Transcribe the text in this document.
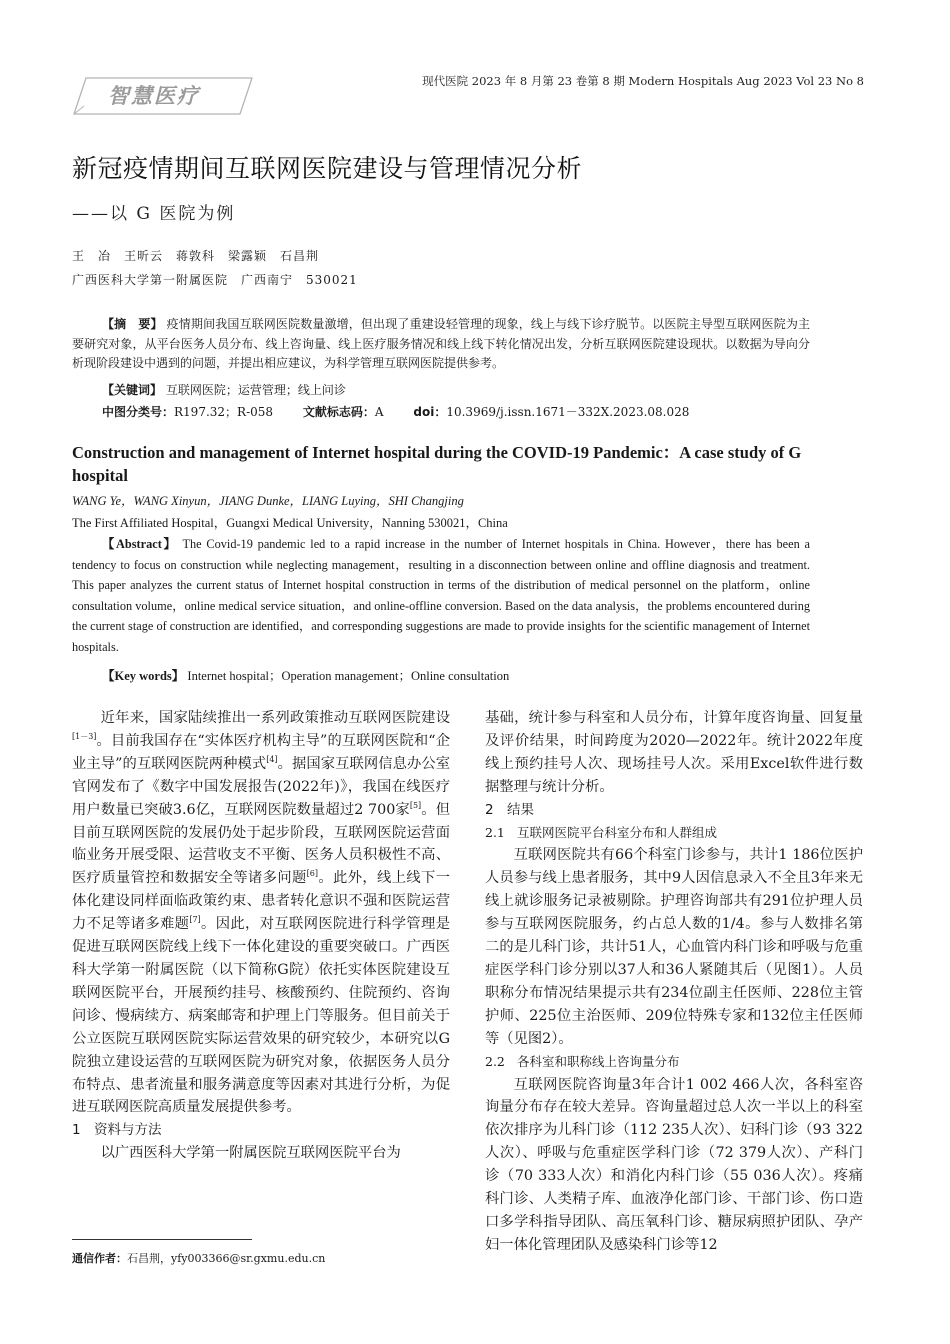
智慧医疗
现代医院 2023 年 8 月第 23 卷第 8 期 Modern Hospitals Aug 2023 Vol 23 No 8
新冠疫情期间互联网医院建设与管理情况分析
——以 G 医院为例
王　冶　王昕云　蒋敦科　梁露颖　石昌荆
广西医科大学第一附属医院　广西南宁　530021
【摘　要】 疫情期间我国互联网医院数量激增，但出现了重建设轻管理的现象，线上与线下诊疗脱节。以医院主导型互联网医院为主要研究对象，从平台医务人员分布、线上咨询量、线上医疗服务情况和线上线下转化情况出发，分析互联网医院建设现状。以数据为导向分析现阶段建设中遇到的问题，并提出相应建议，为科学管理互联网医院提供参考。
【关键词】 互联网医院；运营管理；线上问诊
中图分类号：R197.32；R-058 文献标志码：A doi：10.3969/j.issn.1671－332X.2023.08.028
Construction and management of Internet hospital during the COVID-19 Pandemic：A case study of G hospital
WANG Ye，WANG Xinyun，JIANG Dunke，LIANG Luying，SHI Changjing
The First Affiliated Hospital，Guangxi Medical University，Nanning 530021，China
【Abstract】 The Covid-19 pandemic led to a rapid increase in the number of Internet hospitals in China. However，there has been a tendency to focus on construction while neglecting management，resulting in a disconnection between online and offline diagnosis and treatment. This paper analyzes the current status of Internet hospital construction in terms of the distribution of medical personnel on the platform，online consultation volume，online medical service situation，and online-offline conversion. Based on the data analysis，the problems encountered during the current stage of construction are identified，and corresponding suggestions are made to provide insights for the scientific management of Internet hospitals.
【Key words】 Internet hospital；Operation management；Online consultation

近年来，国家陆续推出一系列政策推动互联网医院建设[1－3]。目前我国存在“实体医疗机构主导”的互联网医院和“企业主导”的互联网医院两种模式[4]。据国家互联网信息办公室官网发布了《数字中国发展报告(2022年)》，我国在线医疗用户数量已突破3.6亿，互联网医院数量超过2 700家[5]。但目前互联网医院的发展仍处于起步阶段，互联网医院运营面临业务开展受限、运营收支不平衡、医务人员积极性不高、医疗质量管控和数据安全等诸多问题[6]。此外，线上线下一体化建设同样面临政策约束、患者转化意识不强和医院运营力不足等诸多难题[7]。因此，对互联网医院进行科学管理是促进互联网医院线上线下一体化建设的重要突破口。广西医科大学第一附属医院（以下简称G院）依托实体医院建设互联网医院平台，开展预约挂号、核酸预约、住院预约、咨询问诊、慢病续方、病案邮寄和护理上门等服务。但目前关于公立医院互联网医院实际运营效果的研究较少，本研究以G院独立建设运营的互联网医院为研究对象，依据医务人员分布特点、患者流量和服务满意度等因素对其进行分析，为促进互联网医院高质量发展提供参考。

1 资料与方法

以广西医科大学第一附属医院互联网医院平台为

基础，统计参与科室和人员分布，计算年度咨询量、回复量及评价结果，时间跨度为2020—2022年。统计2022年度线上预约挂号人次、现场挂号人次。采用Excel软件进行数据整理与统计分析。

2 结果
2.1 互联网医院平台科室分布和人群组成

互联网医院共有66个科室门诊参与，共计1 186位医护人员参与线上患者服务，其中9人因信息录入不全且3年来无线上就诊服务记录被剔除。护理咨询部共有291位护理人员参与互联网医院服务，约占总人数的1/4。参与人数排名第二的是儿科门诊，共计51人，心血管内科门诊和呼吸与危重症医学科门诊分别以37人和36人紧随其后（见图1）。人员职称分布情况结果提示共有234位副主任医师、228位主管护师、225位主治医师、209位特殊专家和132位主任医师等（见图2）。

2.2 各科室和职称线上咨询量分布

互联网医院咨询量3年合计1 002 466人次，各科室咨询量分布存在较大差异。咨询量超过总人次一半以上的科室依次排序为儿科门诊（112 235人次）、妇科门诊（93 322人次）、呼吸与危重症医学科门诊（72 379人次）、产科门诊（70 333人次）和消化内科门诊（55 036人次）。疼痛科门诊、人类精子库、血液净化部门诊、干部门诊、伤口造口多学科指导团队、高压氧科门诊、糖尿病照护团队、孕产妇一体化管理团队及感染科门诊等12

通信作者：石昌荆，yfy003366@sr.gxmu.edu.cn
